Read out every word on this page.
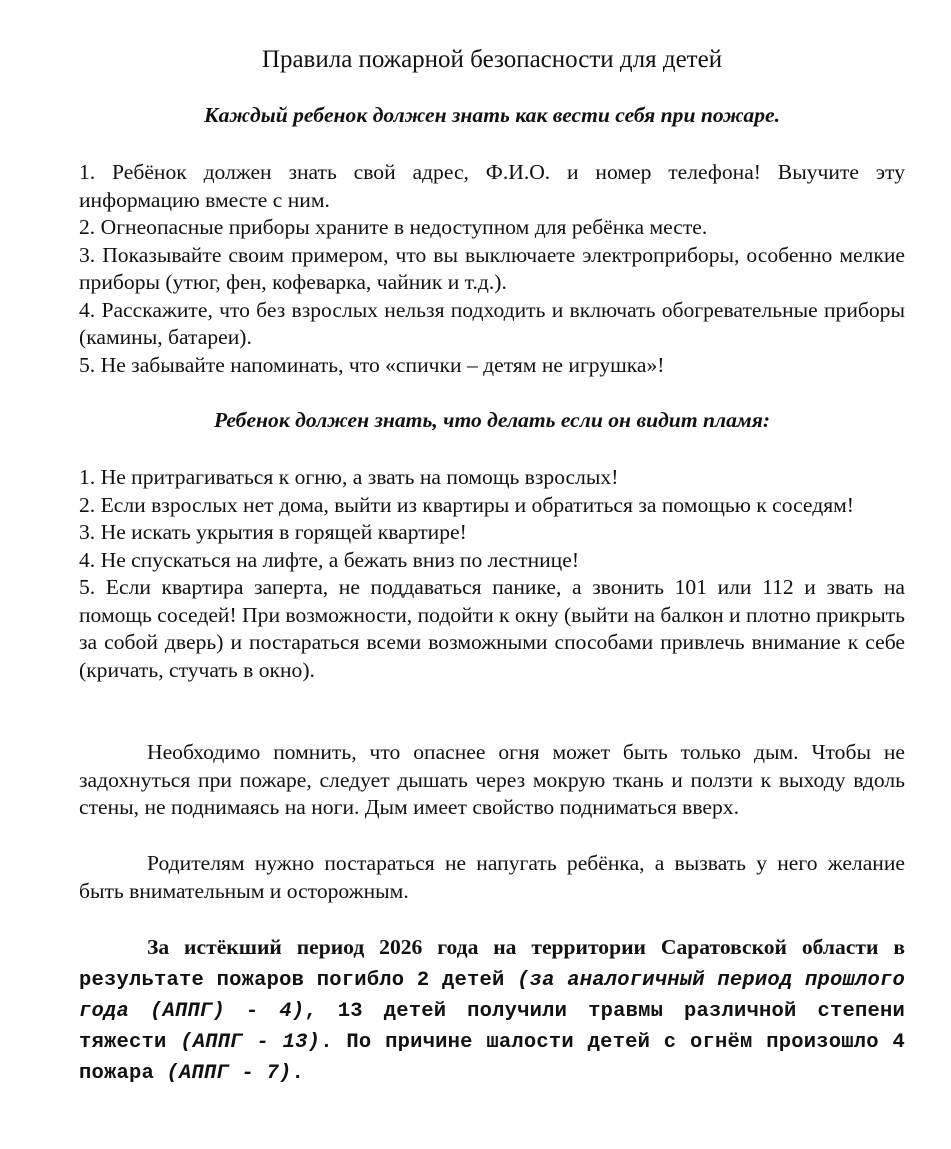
Правила пожарной безопасности для детей
Каждый ребенок должен знать как вести себя при пожаре.

1. Ребёнок должен знать свой адрес, Ф.И.О. и номер телефона! Выучите эту информацию вместе с ним.

2. Огнеопасные приборы храните в недоступном для ребёнка месте.

3. Показывайте своим примером, что вы выключаете электроприборы, особенно мелкие приборы (утюг, фен, кофеварка, чайник и т.д.).

4. Расскажите, что без взрослых нельзя подходить и включать обогревательные приборы (камины, батареи).

5. Не забывайте напоминать, что «спички – детям не игрушка»!

Ребенок должен знать, что делать если он видит пламя:

1. Не притрагиваться к огню, а звать на помощь взрослых!

2. Если взрослых нет дома, выйти из квартиры и обратиться за помощью к соседям!

3. Не искать укрытия в горящей квартире!

4. Не спускаться на лифте, а бежать вниз по лестнице!

5. Если квартира заперта, не поддаваться панике, а звонить 101 или 112 и звать на помощь соседей! При возможности, подойти к окну (выйти на балкон и плотно прикрыть за собой дверь) и постараться всеми возможными способами привлечь внимание к себе (кричать, стучать в окно).

Необходимо помнить, что опаснее огня может быть только дым. Чтобы не задохнуться при пожаре, следует дышать через мокрую ткань и ползти к выходу вдоль стены, не поднимаясь на ноги. Дым имеет свойство подниматься вверх.

Родителям нужно постараться не напугать ребёнка, а вызвать у него желание быть внимательным и осторожным.

За истёкший период 2026 года на территории Саратовской области в результате пожаров погибло 2 детей (за аналогичный период прошлого года (АППГ) - 4), 13 детей получили травмы различной степени тяжести (АППГ - 13). По причине шалости детей с огнём произошло 4 пожара (АППГ - 7).
